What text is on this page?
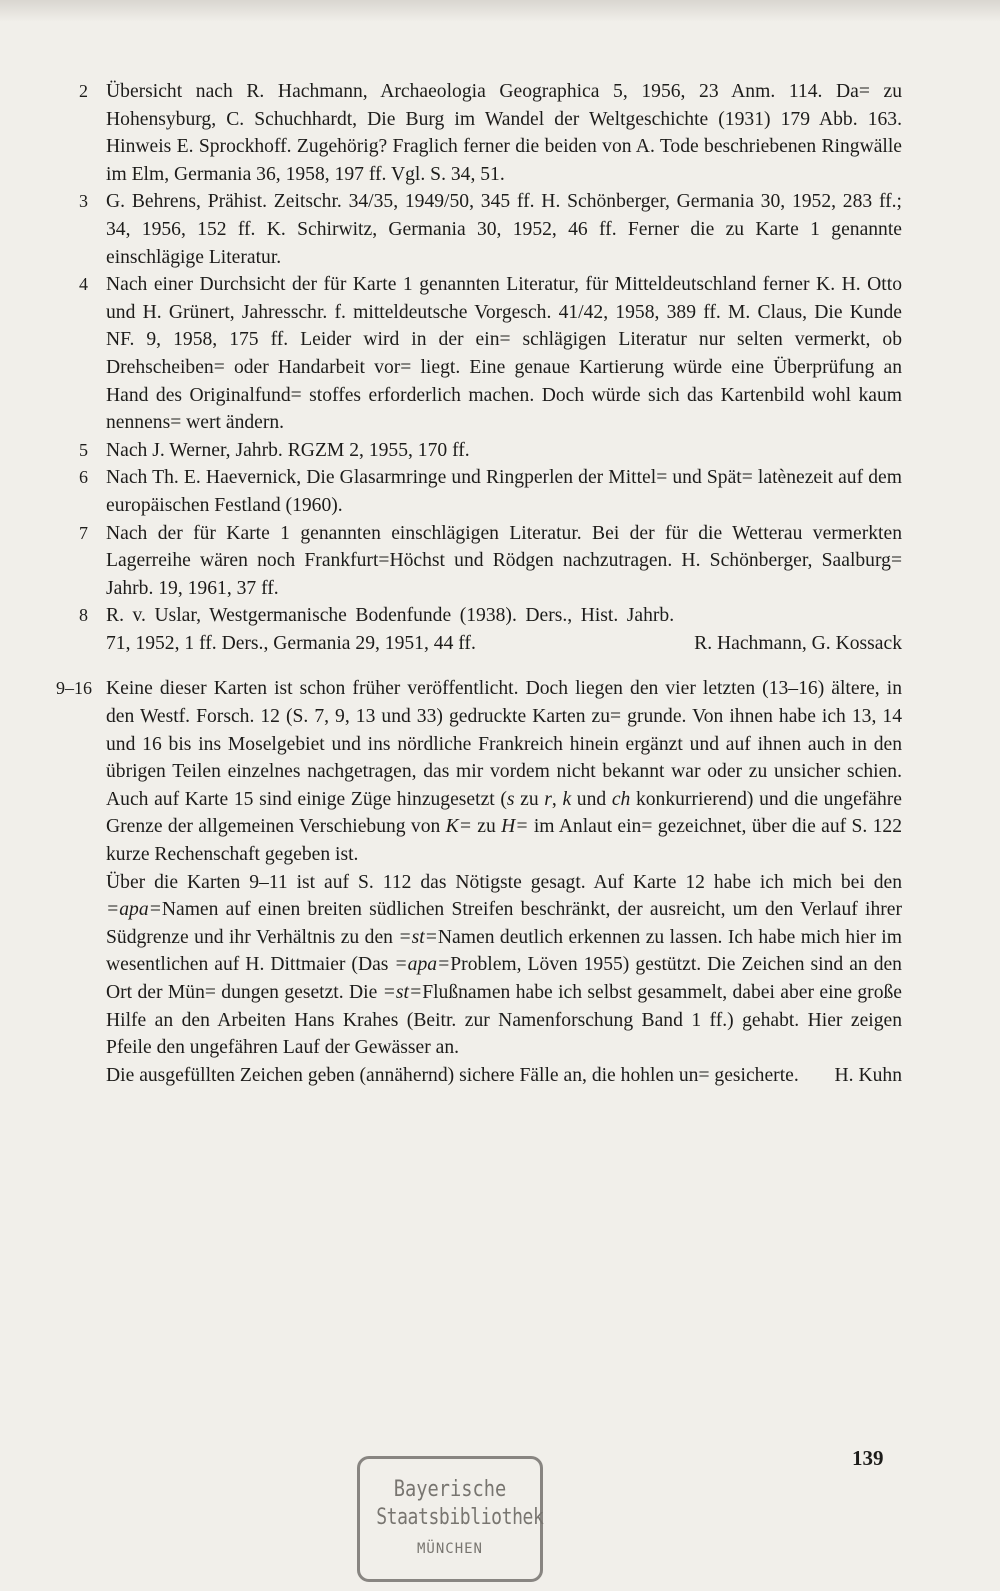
2 Übersicht nach R. Hachmann, Archaeologia Geographica 5, 1956, 23 Anm. 114. Da= zu Hohensyburg, C. Schuchhardt, Die Burg im Wandel der Weltgeschichte (1931) 179 Abb. 163. Hinweis E. Sprockhoff. Zugehörig? Fraglich ferner die beiden von A. Tode beschriebenen Ringwälle im Elm, Germania 36, 1958, 197 ff. Vgl. S. 34, 51.

3 G. Behrens, Prähist. Zeitschr. 34/35, 1949/50, 345 ff. H. Schönberger, Germania 30, 1952, 283 ff.; 34, 1956, 152 ff. K. Schirwitz, Germania 30, 1952, 46 ff. Ferner die zu Karte 1 genannte einschlägige Literatur.

4 Nach einer Durchsicht der für Karte 1 genannten Literatur, für Mitteldeutschland ferner K. H. Otto und H. Grünert, Jahresschr. f. mitteldeutsche Vorgesch. 41/42, 1958, 389 ff. M. Claus, Die Kunde NF. 9, 1958, 175 ff. Leider wird in der ein= schlägigen Literatur nur selten vermerkt, ob Drehscheiben= oder Handarbeit vor= liegt. Eine genaue Kartierung würde eine Überprüfung an Hand des Originalfund= stoffes erforderlich machen. Doch würde sich das Kartenbild wohl kaum nennens= wert ändern.

5 Nach J. Werner, Jahrb. RGZM 2, 1955, 170 ff.

6 Nach Th. E. Haevernick, Die Glasarmringe und Ringperlen der Mittel= und Spät= latènezeit auf dem europäischen Festland (1960).

7 Nach der für Karte 1 genannten einschlägigen Literatur. Bei der für die Wetterau vermerkten Lagerreihe wären noch Frankfurt=Höchst und Rödgen nachzutragen. H. Schönberger, Saalburg= Jahrb. 19, 1961, 37 ff.

8 R. v. Uslar, Westgermanische Bodenfunde (1938). Ders., Hist. Jahrb. 71, 1952, 1 ff. Ders., Germania 29, 1951, 44 ff.	R. Hachmann, G. Kossack
9–16 Keine dieser Karten ist schon früher veröffentlicht. Doch liegen den vier letzten (13–16) ältere, in den Westf. Forsch. 12 (S. 7, 9, 13 und 33) gedruckte Karten zu= grunde. Von ihnen habe ich 13, 14 und 16 bis ins Moselgebiet und ins nördliche Frankreich hinein ergänzt und auf ihnen auch in den übrigen Teilen einzelnes nachgetragen, das mir vordem nicht bekannt war oder zu unsicher schien. Auch auf Karte 15 sind einige Züge hinzugesetzt (s zu r, k und ch konkurrierend) und die ungefähre Grenze der allgemeinen Verschiebung von K= zu H= im Anlaut ein= gezeichnet, über die auf S. 122 kurze Rechenschaft gegeben ist.

Über die Karten 9–11 ist auf S. 112 das Nötigste gesagt. Auf Karte 12 habe ich mich bei den =apa=Namen auf einen breiten südlichen Streifen beschränkt, der ausreicht, um den Verlauf ihrer Südgrenze und ihr Verhältnis zu den =st=Namen deutlich erkennen zu lassen. Ich habe mich hier im wesentlichen auf H. Dittmaier (Das =apa=Problem, Löven 1955) gestützt. Die Zeichen sind an den Ort der Mün= dungen gesetzt. Die =st=Flußnamen habe ich selbst gesammelt, dabei aber eine große Hilfe an den Arbeiten Hans Krahes (Beitr. zur Namenforschung Band 1 ff.) gehabt. Hier zeigen Pfeile den ungefähren Lauf der Gewässer an.

Die ausgefüllten Zeichen geben (annähernd) sichere Fälle an, die hohlen un= gesicherte.	H. Kuhn
139
Bayerische
Staatsbibliothek
MÜNCHEN
